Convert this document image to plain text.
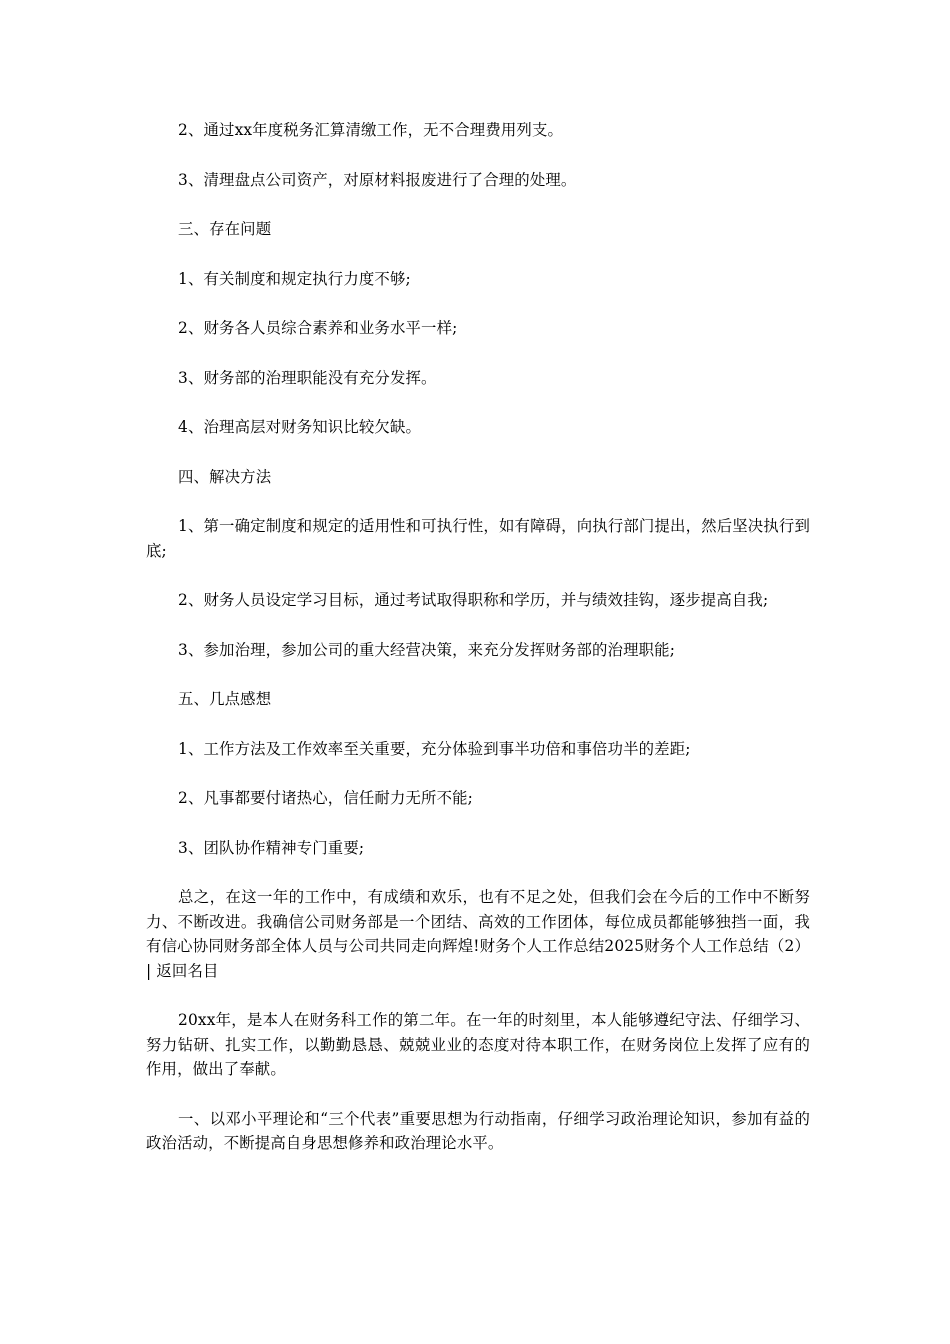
2、通过xx年度税务汇算清缴工作，无不合理费用列支。

3、清理盘点公司资产，对原材料报废进行了合理的处理。

三、存在问题

1、有关制度和规定执行力度不够;

2、财务各人员综合素养和业务水平一样;

3、财务部的治理职能没有充分发挥。

4、治理高层对财务知识比较欠缺。

四、解决方法

1、第一确定制度和规定的适用性和可执行性，如有障碍，向执行部门提出，然后坚决执行到底;

2、财务人员设定学习目标，通过考试取得职称和学历，并与绩效挂钩，逐步提高自我;

3、参加治理，参加公司的重大经营决策，来充分发挥财务部的治理职能;

五、几点感想

1、工作方法及工作效率至关重要，充分体验到事半功倍和事倍功半的差距;

2、凡事都要付诸热心，信任耐力无所不能;

3、团队协作精神专门重要;

总之，在这一年的工作中，有成绩和欢乐，也有不足之处，但我们会在今后的工作中不断努力、不断改进。我确信公司财务部是一个团结、高效的工作团体，每位成员都能够独挡一面，我有信心协同财务部全体人员与公司共同走向辉煌!财务个人工作总结2025财务个人工作总结（2） | 返回名目

20xx年，是本人在财务科工作的第二年。在一年的时刻里，本人能够遵纪守法、仔细学习、努力钻研、扎实工作，以勤勤恳恳、兢兢业业的态度对待本职工作，在财务岗位上发挥了应有的作用，做出了奉献。

一、以邓小平理论和“三个代表”重要思想为行动指南，仔细学习政治理论知识，参加有益的政治活动，不断提高自身思想修养和政治理论水平。
